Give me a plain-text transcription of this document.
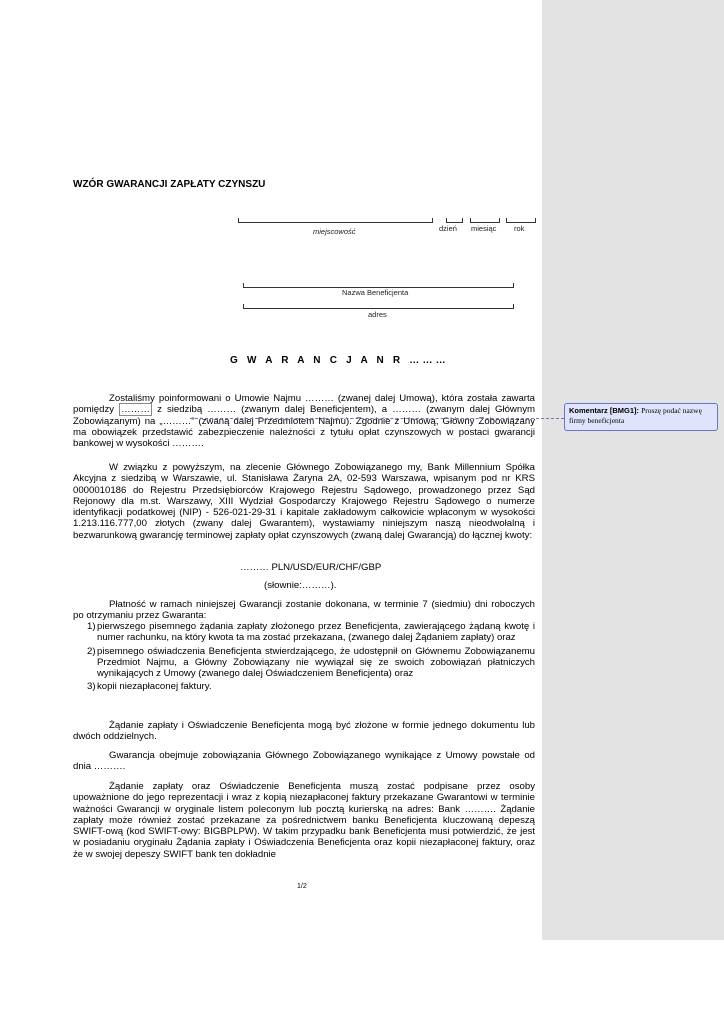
WZÓR GWARANCJI ZAPŁATY CZYNSZU
miejscowość	dzień miesiąc rok
Nazwa Beneficjenta
adres
G W A R A N C J A N R ………
Zostaliśmy poinformowani o Umowie Najmu ……… (zwanej dalej Umową), która została zawarta pomiędzy ……… z siedzibą ……… (zwanym dalej Beneficjentem), a ……… (zwanym dalej Głównym Zobowiązanym) na „………” (zwaną dalej Przedmiotem Najmu). Zgodnie z Umową, Główny Zobowiązany ma obowiązek przedstawić zabezpieczenie należności z tytułu opłat czynszowych w postaci gwarancji bankowej w wysokości ……….
W związku z powyższym, na zlecenie Głównego Zobowiązanego my, Bank Millennium Spółka Akcyjna z siedzibą w Warszawie, ul. Stanisława Żaryna 2A, 02-593 Warszawa, wpisanym pod nr KRS 0000010186 do Rejestru Przedsiębiorców Krajowego Rejestru Sądowego, prowadzonego przez Sąd Rejonowy dla m.st. Warszawy, XIII Wydział Gospodarczy Krajowego Rejestru Sądowego o numerze identyfikacji podatkowej (NIP) - 526-021-29-31 i kapitale zakładowym całkowicie wpłaconym w wysokości 1.213.116.777,00 złotych (zwany dalej Gwarantem), wystawiamy niniejszym naszą nieodwołalną i bezwarunkową gwarancję terminowej zapłaty opłat czynszowych (zwaną dalej Gwarancją) do łącznej kwoty:
……… PLN/USD/EUR/CHF/GBP
(słownie:………).
Płatność w ramach niniejszej Gwarancji zostanie dokonana, w terminie 7 (siedmiu) dni roboczych po otrzymaniu przez Gwaranta:
1) pierwszego pisemnego żądania zapłaty złożonego przez Beneficjenta, zawierającego żądaną kwotę i numer rachunku, na który kwota ta ma zostać przekazana, (zwanego dalej Żądaniem zapłaty) oraz
2) pisemnego oświadczenia Beneficjenta stwierdzającego, że udostępnił on Głównemu Zobowiązanemu Przedmiot Najmu, a Główny Zobowiązany nie wywiązał się ze swoich zobowiązań płatniczych wynikających z Umowy (zwanego dalej Oświadczeniem Beneficjenta) oraz
3) kopii niezapłaconej faktury.
Żądanie zapłaty i Oświadczenie Beneficjenta mogą być złożone w formie jednego dokumentu lub dwóch oddzielnych.
Gwarancja obejmuje zobowiązania Głównego Zobowiązanego wynikające z Umowy powstałe od dnia ……….
Żądanie zapłaty oraz Oświadczenie Beneficjenta muszą zostać podpisane przez osoby upoważnione do jego reprezentacji i wraz z kopią niezapłaconej faktury przekazane Gwarantowi w terminie ważności Gwarancji w oryginale listem poleconym lub pocztą kurierską na adres: Bank ………. Żądanie zapłaty może również zostać przekazane za pośrednictwem banku Beneficjenta kluczowaną depeszą SWIFT-ową (kod SWIFT-owy: BIGBPLPW). W takim przypadku bank Beneficjenta musi potwierdzić, że jest w posiadaniu oryginału Żądania zapłaty i Oświadczenia Beneficjenta oraz kopii niezapłaconej faktury, oraz że w swojej depeszy SWIFT bank ten dokładnie
1/2
Komentarz [BMG1]: Proszę podać nazwę firmy beneficjenta
